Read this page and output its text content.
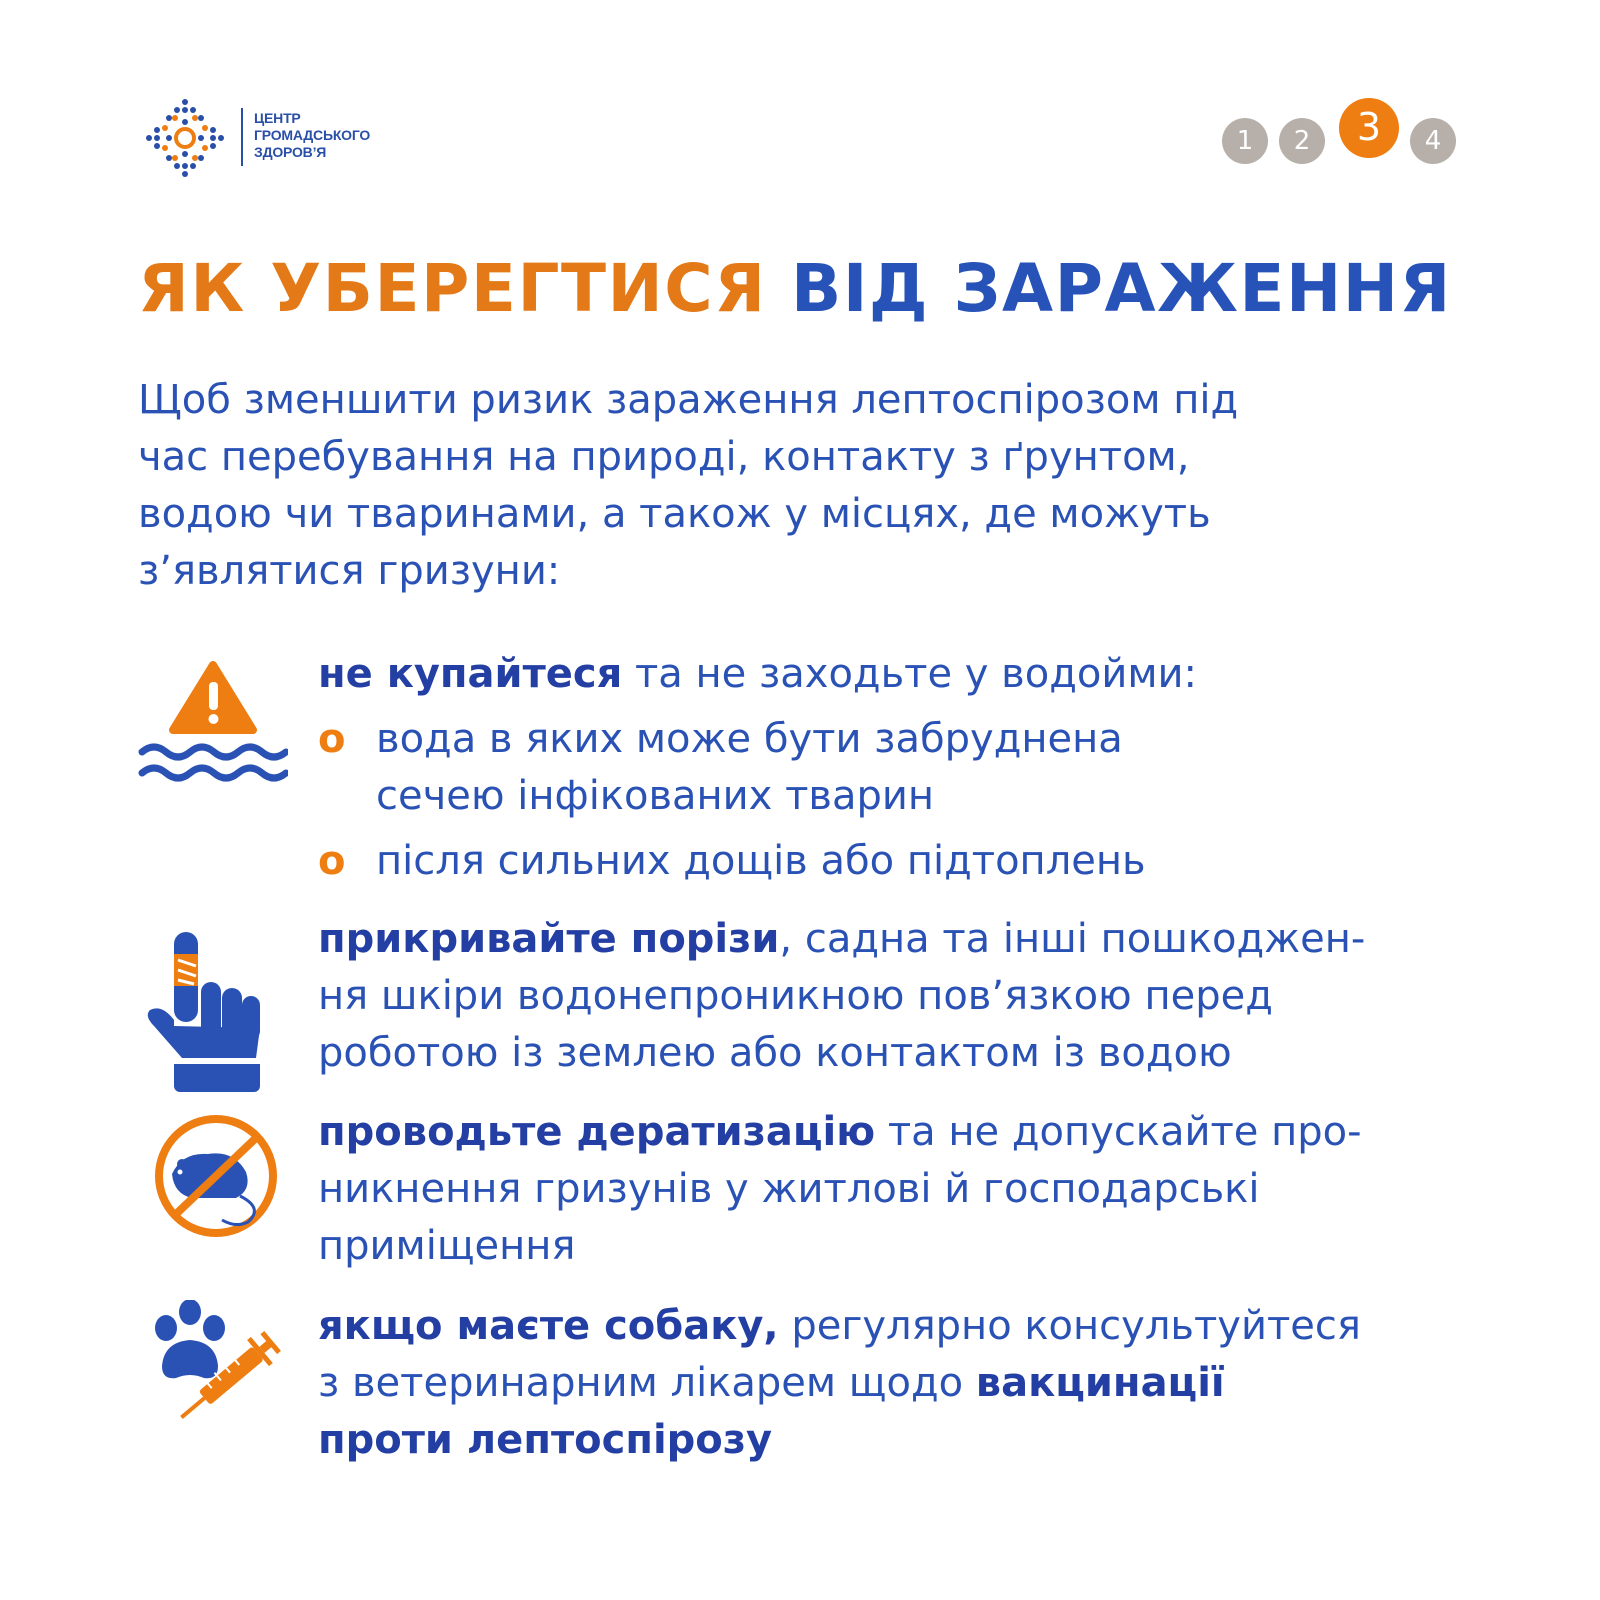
ЦЕНТР
ГРОМАДСЬКОГО
ЗДОРОВ’Я	1	2	3	4
ЯК УБЕРЕГТИСЯ ВІД ЗАРАЖЕННЯ
Щоб зменшити ризик зараження лептоспірозом під
час перебування на природі, контакту з ґрунтом,
водою чи тваринами, а також у місцях, де можуть
з’являтися гризуни:
не купайтеся та не заходьте у водойми:
о вода в яких може бути забруднена
сечею інфікованих тварин
о після сильних дощів або підтоплень
прикривайте порізи, садна та інші пошкоджен-
ня шкіри водонепроникною пов’язкою перед
роботою із землею або контактом із водою
проводьте дератизацію та не допускайте про-
никнення гризунів у житлові й господарські
приміщення
якщо маєте собаку, регулярно консультуйтеся
з ветеринарним лікарем щодо вакцинації
проти лептоспірозу
